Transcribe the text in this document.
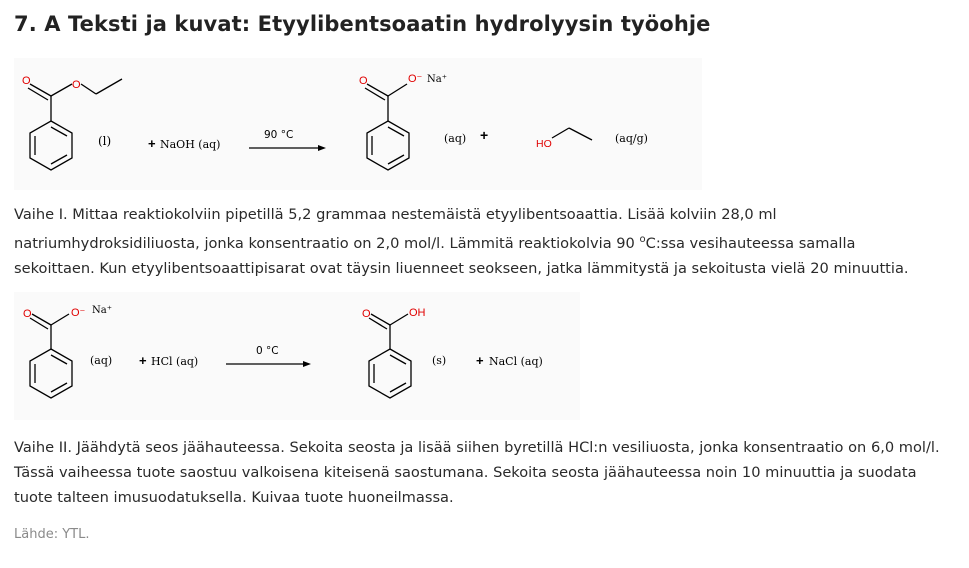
7. A Teksti ja kuvat: Etyylibentsoaatin hydrolyysin työohje
O	O
(l)	+ NaOH (aq)
90 °C
O	O⁻ Na⁺
(aq) +
HO	(aq/g)
Vaihe I. Mittaa reaktiokolviin pipetillä 5,2 grammaa nestemäistä etyylibentsoaattia. Lisää kolviin 28,0 ml
natriumhydroksidiliuosta, jonka konsentraatio on 2,0 mol/l. Lämmitä reaktiokolvia 90 $^o$C:ssa vesihauteessa samalla
sekoittaen. Kun etyylibentsoaattipisarat ovat täysin liuenneet seokseen, jatka lämmitystä ja sekoitusta vielä 20 minuuttia.
O	O⁻ Na⁺
(aq) + HCl (aq)
0 °C
O	OH
(s) + NaCl (aq)
Vaihe II. Jäähdytä seos jäähauteessa. Sekoita seosta ja lisää siihen byretillä HCl:n vesiliuosta, jonka konsentraatio on 6,0 mol/l.
Tässä vaiheessa tuote saostuu valkoisena kiteisenä saostumana. Sekoita seosta jäähauteessa noin 10 minuuttia ja suodata
tuote talteen imusuodatuksella. Kuivaa tuote huoneilmassa.
Lähde: YTL.
